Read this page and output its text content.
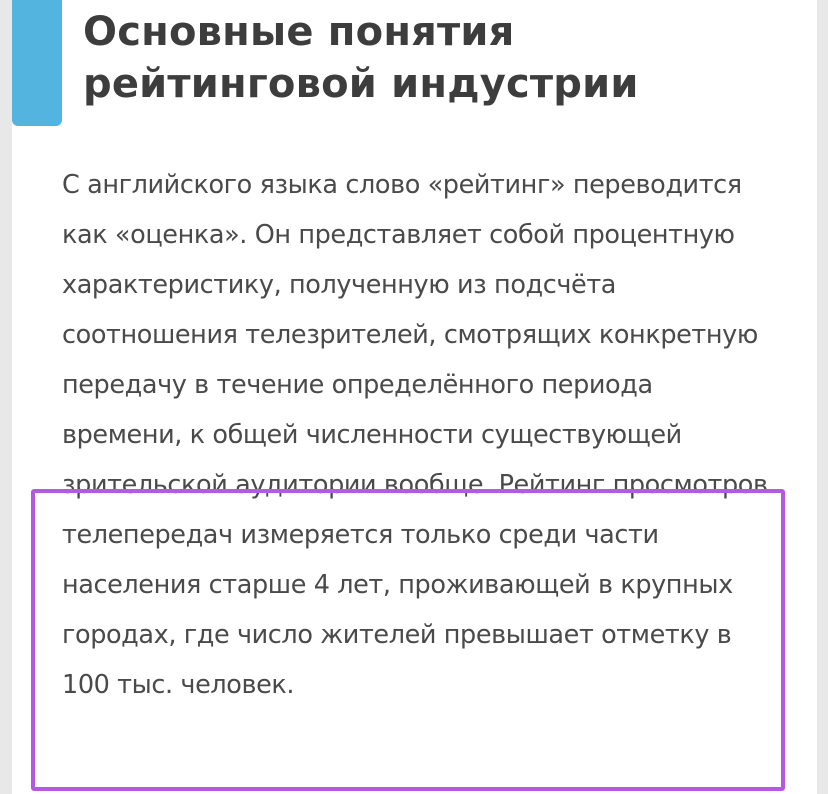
Основные понятия рейтинговой индустрии

С английского языка слово «рейтинг» переводится как «оценка». Он представляет собой процентную характеристику, полученную из подсчёта соотношения телезрителей, смотрящих конкретную передачу в течение определённого периода времени, к общей численности существующей зрительской аудитории вообще. Рейтинг просмотров телепередач измеряется только среди части населения старше 4 лет, проживающей в крупных городах, где число жителей превышает отметку в 100 тыс. человек.
